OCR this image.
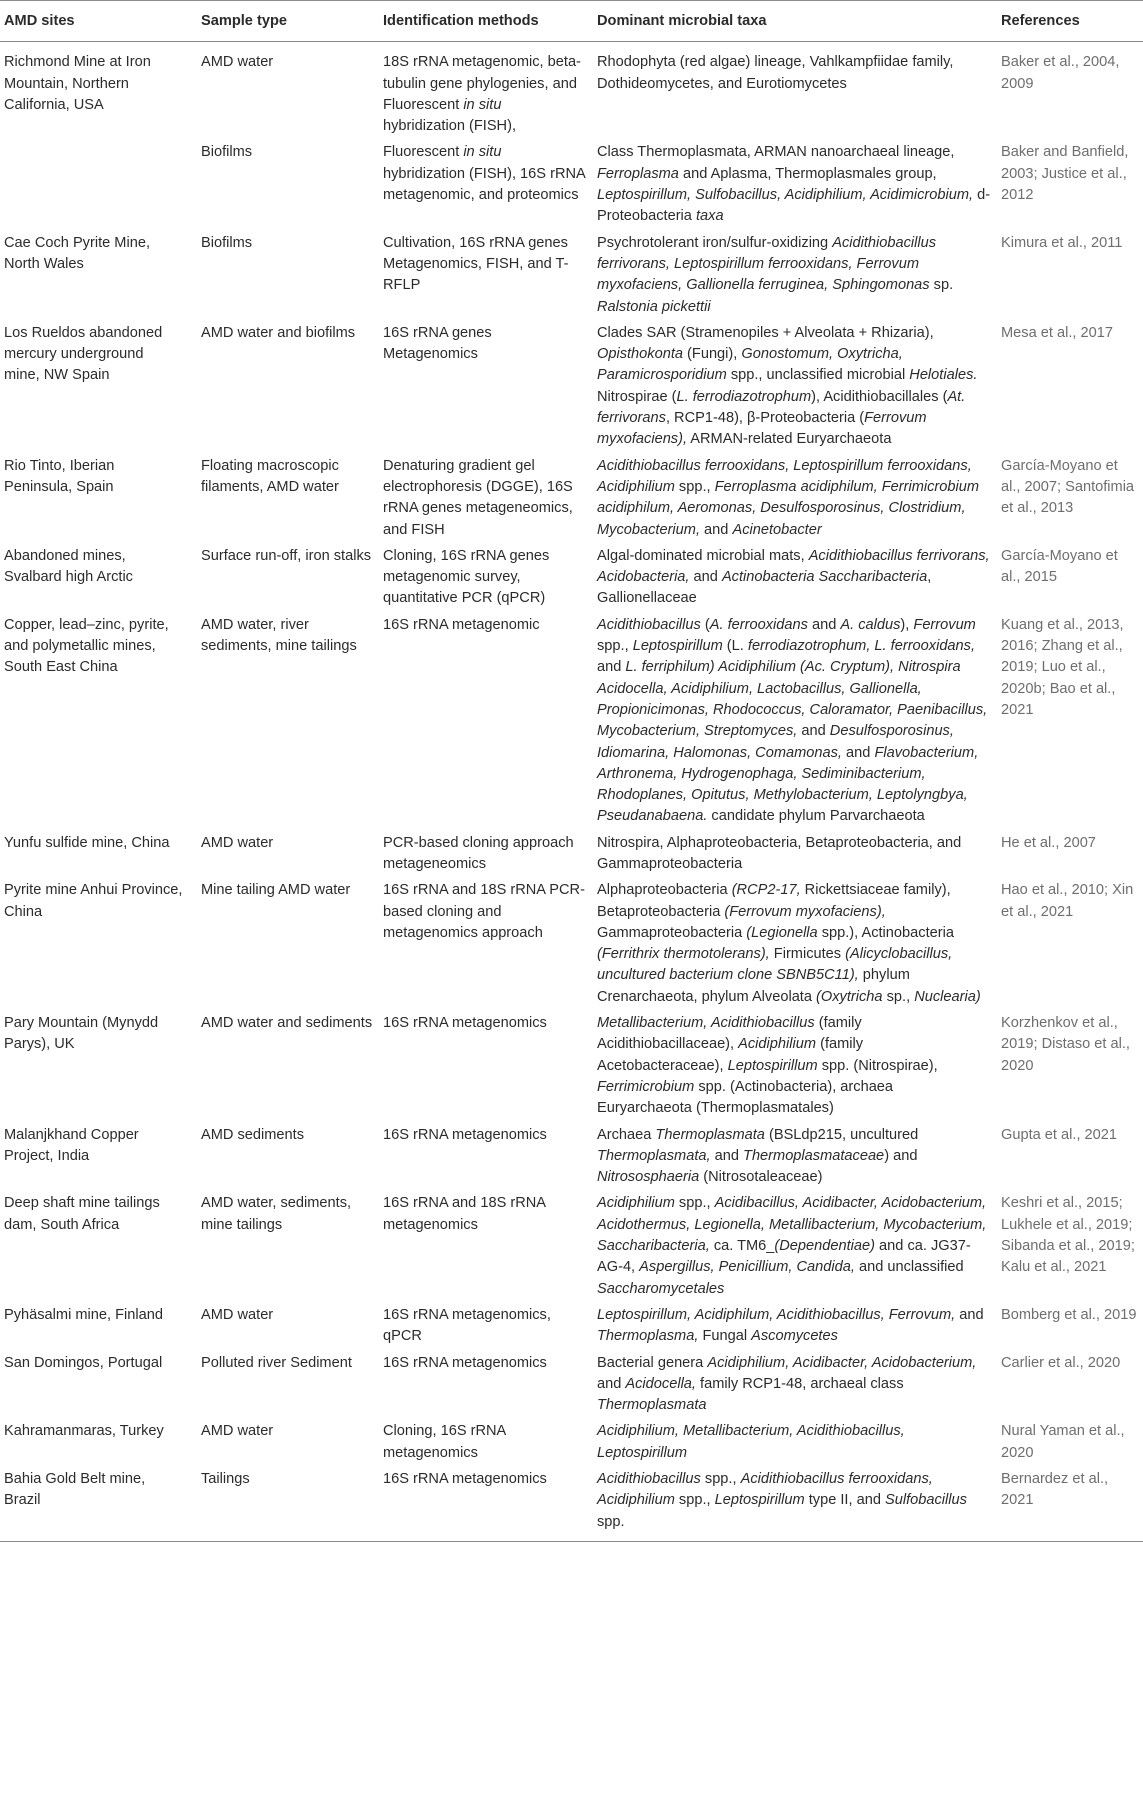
AMD sites	Sample type	Identification methods	Dominant microbial taxa	References
Richmond Mine at Iron Mountain, Northern California, USA	AMD water	18S rRNA metagenomic, beta-tubulin gene phylogenies, and Fluorescent in situ hybridization (FISH),	Rhodophyta (red algae) lineage, Vahlkampfiidae family, Dothideomycetes, and Eurotiomycetes	Baker et al., 2004, 2009
	Biofilms	Fluorescent in situ hybridization (FISH), 16S rRNA metagenomic, and proteomics	Class Thermoplasmata, ARMAN nanoarchaeal lineage, Ferroplasma and Aplasma, Thermoplasmales group, Leptospirillum, Sulfobacillus, Acidiphilium, Acidimicrobium, d-Proteobacteria taxa	Baker and Banfield, 2003; Justice et al., 2012
Cae Coch Pyrite Mine, North Wales	Biofilms	Cultivation, 16S rRNA genes Metagenomics, FISH, and T-RFLP	Psychrotolerant iron/sulfur-oxidizing Acidithiobacillus ferrivorans, Leptospirillum ferrooxidans, Ferrovum myxofaciens, Gallionella ferruginea, Sphingomonas sp. Ralstonia pickettii	Kimura et al., 2011
Los Rueldos abandoned mercury underground mine, NW Spain	AMD water and biofilms	16S rRNA genes Metagenomics	Clades SAR (Stramenopiles + Alveolata + Rhizaria), Opisthokonta (Fungi), Gonostomum, Oxytricha, Paramicrosporidium spp., unclassified microbial Helotiales. Nitrospirae (L. ferrodiazotrophum), Acidithiobacillales (At. ferrivorans, RCP1-48), β-Proteobacteria (Ferrovum myxofaciens), ARMAN-related Euryarchaeota	Mesa et al., 2017
Rio Tinto, Iberian Peninsula, Spain	Floating macroscopic filaments, AMD water	Denaturing gradient gel electrophoresis (DGGE), 16S rRNA genes metageneomics, and FISH	Acidithiobacillus ferrooxidans, Leptospirillum ferrooxidans, Acidiphilium spp., Ferroplasma acidiphilum, Ferrimicrobium acidiphilum, Aeromonas, Desulfosporosinus, Clostridium, Mycobacterium, and Acinetobacter	García-Moyano et al., 2007; Santofimia et al., 2013
Abandoned mines, Svalbard high Arctic	Surface run-off, iron stalks	Cloning, 16S rRNA genes metagenomic survey, quantitative PCR (qPCR)	Algal-dominated microbial mats, Acidithiobacillus ferrivorans, Acidobacteria, and Actinobacteria Saccharibacteria, Gallionellaceae	García-Moyano et al., 2015
Copper, lead–zinc, pyrite, and polymetallic mines, South East China	AMD water, river sediments, mine tailings	16S rRNA metagenomic	Acidithiobacillus (A. ferrooxidans and A. caldus), Ferrovum spp., Leptospirillum (L. ferrodiazotrophum, L. ferrooxidans, and L. ferriphilum) Acidiphilium (Ac. Cryptum), Nitrospira Acidocella, Acidiphilium, Lactobacillus, Gallionella, Propionicimonas, Rhodococcus, Caloramator, Paenibacillus, Mycobacterium, Streptomyces, and Desulfosporosinus, Idiomarina, Halomonas, Comamonas, and Flavobacterium, Arthronema, Hydrogenophaga, Sediminibacterium, Rhodoplanes, Opitutus, Methylobacterium, Leptolyngbya, Pseudanabaena. candidate phylum Parvarchaeota	Kuang et al., 2013, 2016; Zhang et al., 2019; Luo et al., 2020b; Bao et al., 2021
Yunfu sulfide mine, China	AMD water	PCR-based cloning approach metageneomics	Nitrospira, Alphaproteobacteria, Betaproteobacteria, and Gammaproteobacteria	He et al., 2007
Pyrite mine Anhui Province, China	Mine tailing AMD water	16S rRNA and 18S rRNA PCR-based cloning and metagenomics approach	Alphaproteobacteria (RCP2-17, Rickettsiaceae family), Betaproteobacteria (Ferrovum myxofaciens), Gammaproteobacteria (Legionella spp.), Actinobacteria (Ferrithrix thermotolerans), Firmicutes (Alicyclobacillus, uncultured bacterium clone SBNB5C11), phylum Crenarchaeota, phylum Alveolata (Oxytricha sp., Nuclearia)	Hao et al., 2010; Xin et al., 2021
Pary Mountain (Mynydd Parys), UK	AMD water and sediments	16S rRNA metagenomics	Metallibacterium, Acidithiobacillus (family Acidithiobacillaceae), Acidiphilium (family Acetobacteraceae), Leptospirillum spp. (Nitrospirae), Ferrimicrobium spp. (Actinobacteria), archaea Euryarchaeota (Thermoplasmatales)	Korzhenkov et al., 2019; Distaso et al., 2020
Malanjkhand Copper Project, India	AMD sediments	16S rRNA metagenomics	Archaea Thermoplasmata (BSLdp215, uncultured Thermoplasmata, and Thermoplasmataceae) and Nitrososphaeria (Nitrosotaleaceae)	Gupta et al., 2021
Deep shaft mine tailings dam, South Africa	AMD water, sediments, mine tailings	16S rRNA and 18S rRNA metagenomics	Acidiphilium spp., Acidibacillus, Acidibacter, Acidobacterium, Acidothermus, Legionella, Metallibacterium, Mycobacterium, Saccharibacteria, ca. TM6_(Dependentiae) and ca. JG37-AG-4, Aspergillus, Penicillium, Candida, and unclassified Saccharomycetales	Keshri et al., 2015; Lukhele et al., 2019; Sibanda et al., 2019; Kalu et al., 2021
Pyhäsalmi mine, Finland	AMD water	16S rRNA metagenomics, qPCR	Leptospirillum, Acidiphilum, Acidithiobacillus, Ferrovum, and Thermoplasma, Fungal Ascomycetes	Bomberg et al., 2019
San Domingos, Portugal	Polluted river Sediment	16S rRNA metagenomics	Bacterial genera Acidiphilium, Acidibacter, Acidobacterium, and Acidocella, family RCP1-48, archaeal class Thermoplasmata	Carlier et al., 2020
Kahramanmaras, Turkey	AMD water	Cloning, 16S rRNA metagenomics	Acidiphilium, Metallibacterium, Acidithiobacillus, Leptospirillum	Nural Yaman et al., 2020
Bahia Gold Belt mine, Brazil	Tailings	16S rRNA metagenomics	Acidithiobacillus spp., Acidithiobacillus ferrooxidans, Acidiphilium spp., Leptospirillum type II, and Sulfobacillus spp.	Bernardez et al., 2021
